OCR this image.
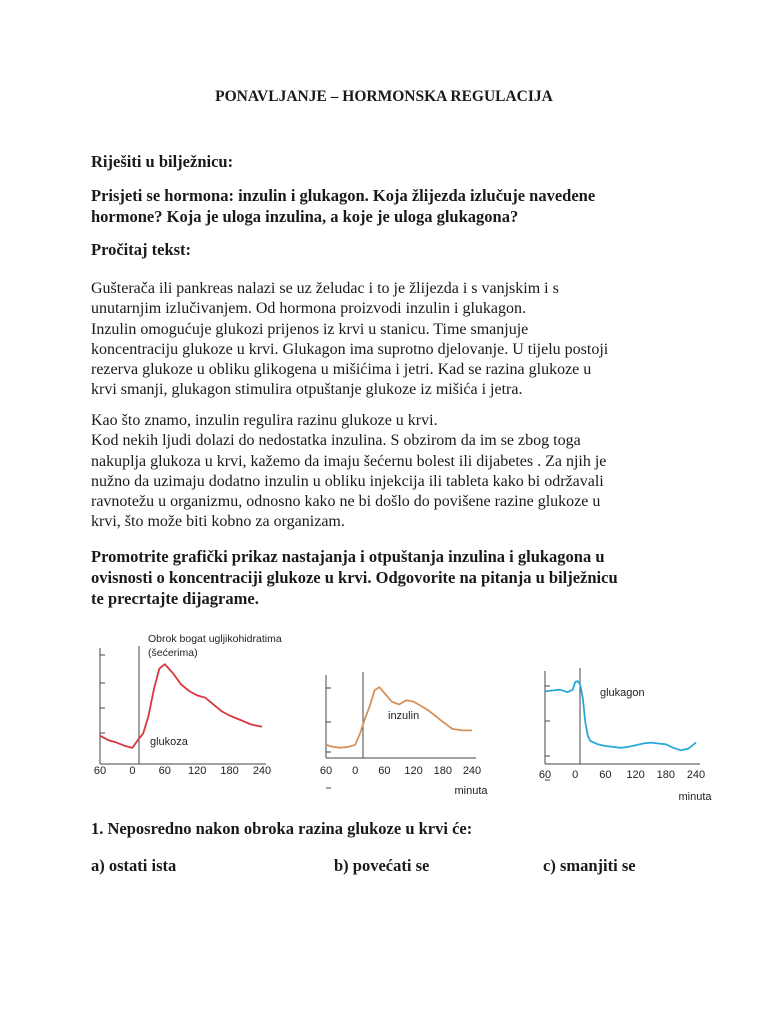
PONAVLJANJE – HORMONSKA REGULACIJA
Riješiti u bilježnicu:
Prisjeti se hormona: inzulin i glukagon. Koja žlijezda izlučuje navedene
hormone? Koja je uloga inzulina, a koje je uloga glukagona?
Pročitaj tekst:
Gušterača ili pankreas nalazi se uz želudac i to je žlijezda i s vanjskim i s
unutarnjim izlučivanjem. Od hormona proizvodi inzulin i glukagon.
Inzulin omogućuje glukozi prijenos iz krvi u stanicu. Time smanjuje
koncentraciju glukoze u krvi. Glukagon ima suprotno djelovanje. U tijelu postoji
rezerva glukoze u obliku glikogena u mišićima i jetri. Kad se razina glukoze u
krvi smanji, glukagon stimulira otpuštanje glukoze iz mišića i jetra.
Kao što znamo, inzulin regulira razinu glukoze u krvi.
Kod nekih ljudi dolazi do nedostatka inzulina. S obzirom da im se zbog toga
nakuplja glukoza u krvi, kažemo da imaju šećernu bolest ili dijabetes . Za njih je
nužno da uzimaju dodatno inzulin u obliku injekcija ili tableta kako bi održavali
ravnotežu u organizmu, odnosno kako ne bi došlo do povišene razine glukoze u
krvi, što može biti kobno za organizam.
Promotrite grafički prikaz nastajanja i otpuštanja inzulina i glukagona u
ovisnosti o koncentraciji glukoze u krvi. Odgovorite na pitanja u bilježnicu
te precrtajte dijagrame.
60 0 60 120 180 240
glukoza
Obrok bogat ugljikohidratima
(šećerima)
60 0 60 120 180 240
minuta
inzulin
60 0 60 120 180 240
minuta
glukagon
1. Neposredno nakon obroka razina glukoze u krvi će:
a) ostati ista	b) povećati se	c) smanjiti se
